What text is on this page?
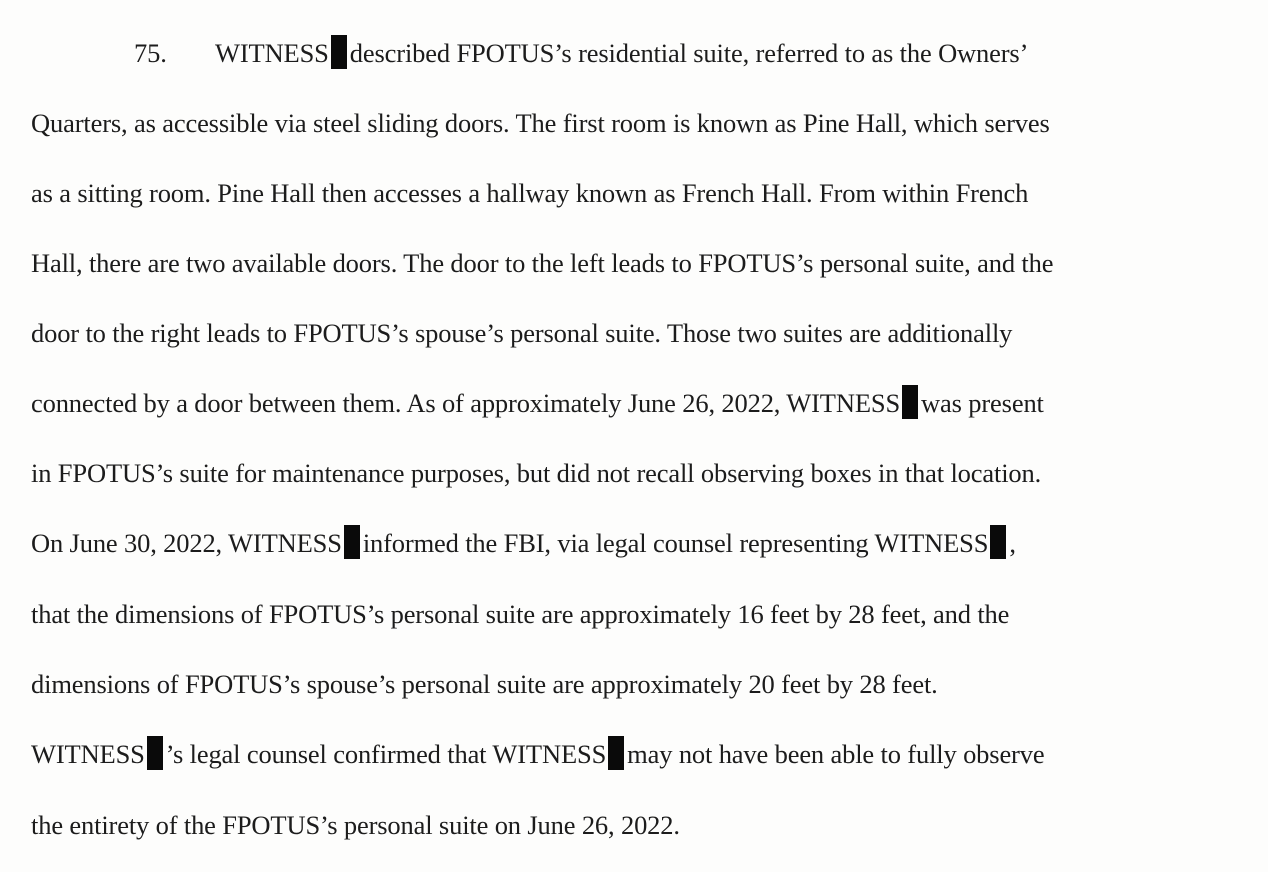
75. WITNESS described FPOTUS’s residential suite, referred to as the Owners’
Quarters, as accessible via steel sliding doors. The first room is known as Pine Hall, which serves
as a sitting room. Pine Hall then accesses a hallway known as French Hall. From within French
Hall, there are two available doors. The door to the left leads to FPOTUS’s personal suite, and the
door to the right leads to FPOTUS’s spouse’s personal suite. Those two suites are additionally
connected by a door between them. As of approximately June 26, 2022, WITNESS was present
in FPOTUS’s suite for maintenance purposes, but did not recall observing boxes in that location.
On June 30, 2022, WITNESS informed the FBI, via legal counsel representing WITNESS ,
that the dimensions of FPOTUS’s personal suite are approximately 16 feet by 28 feet, and the
dimensions of FPOTUS’s spouse’s personal suite are approximately 20 feet by 28 feet.
WITNESS ’s legal counsel confirmed that WITNESS may not have been able to fully observe
the entirety of the FPOTUS’s personal suite on June 26, 2022.
